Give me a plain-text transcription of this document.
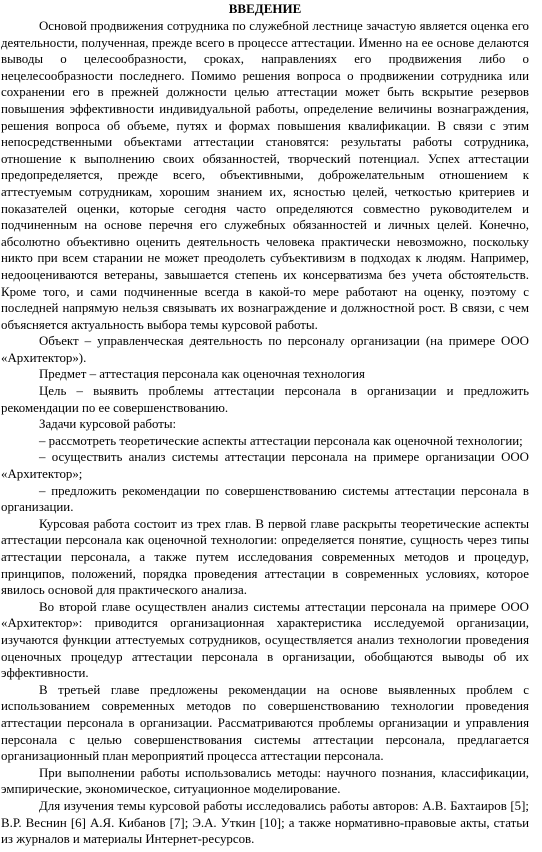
ВВЕДЕНИЕ

Основой продвижения сотрудника по служебной лестнице зачастую является оценка его деятельности, полученная, прежде всего в процессе аттестации. Именно на ее основе делаются выводы о целесообразности, сроках, направлениях его продвижения либо о нецелесообразности последнего. Помимо решения вопроса о продвижении сотрудника или сохранении его в прежней должности целью аттестации может быть вскрытие резервов повышения эффективности индивидуальной работы, определение величины вознаграждения, решения вопроса об объеме, путях и формах повышения квалификации. В связи с этим непосредственными объектами аттестации становятся: результаты работы сотрудника, отношение к выполнению своих обязанностей, творческий потенциал. Успех аттестации предопределяется, прежде всего, объективными, доброжелательным отношением к аттестуемым сотрудникам, хорошим знанием их, ясностью целей, четкостью критериев и показателей оценки, которые сегодня часто определяются совместно руководителем и подчиненным на основе перечня его служебных обязанностей и личных целей. Конечно, абсолютно объективно оценить деятельность человека практически невозможно, поскольку никто при всем старании не может преодолеть субъективизм в подходах к людям. Например, недооцениваются ветераны, завышается степень их консерватизма без учета обстоятельств. Кроме того, и сами подчиненные всегда в какой-то мере работают на оценку, поэтому с последней напрямую нельзя связывать их вознаграждение и должностной рост. В связи, с чем объясняется актуальность выбора темы курсовой работы.

Объект – управленческая деятельность по персоналу организации (на примере ООО «Архитектор»).

Предмет – аттестация персонала как оценочная технология

Цель – выявить проблемы аттестации персонала в организации и предложить рекомендации по ее совершенствованию.

Задачи курсовой работы:

– рассмотреть теоретические аспекты аттестации персонала как оценочной технологии;

– осуществить анализ системы аттестации персонала на примере организации ООО «Архитектор»;

– предложить рекомендации по совершенствованию системы аттестации персонала в организации.

Курсовая работа состоит из трех глав. В первой главе раскрыты теоретические аспекты аттестации персонала как оценочной технологии: определяется понятие, сущность через типы аттестации персонала, а также путем исследования современных методов и процедур, принципов, положений, порядка проведения аттестации в современных условиях, которое явилось основой для практического анализа.

Во второй главе осуществлен анализ системы аттестации персонала на примере ООО «Архитектор»: приводится организационная характеристика исследуемой организации, изучаются функции аттестуемых сотрудников, осуществляется анализ технологии проведения оценочных процедур аттестации персонала в организации, обобщаются выводы об их эффективности.

В третьей главе предложены рекомендации на основе выявленных проблем с использованием современных методов по совершенствованию технологии проведения аттестации персонала в организации. Рассматриваются проблемы организации и управления персонала с целью совершенствования системы аттестации персонала, предлагается организационный план мероприятий процесса аттестации персонала.

При выполнении работы использовались методы: научного познания, классификации, эмпирические, экономическое, ситуационное моделирование.

Для изучения темы курсовой работы исследовались работы авторов: А.В. Бахтаиров [5]; В.Р. Веснин [6] А.Я. Кибанов [7]; Э.А. Уткин [10]; а также нормативно-правовые акты, статьи из журналов и материалы Интернет-ресурсов.
